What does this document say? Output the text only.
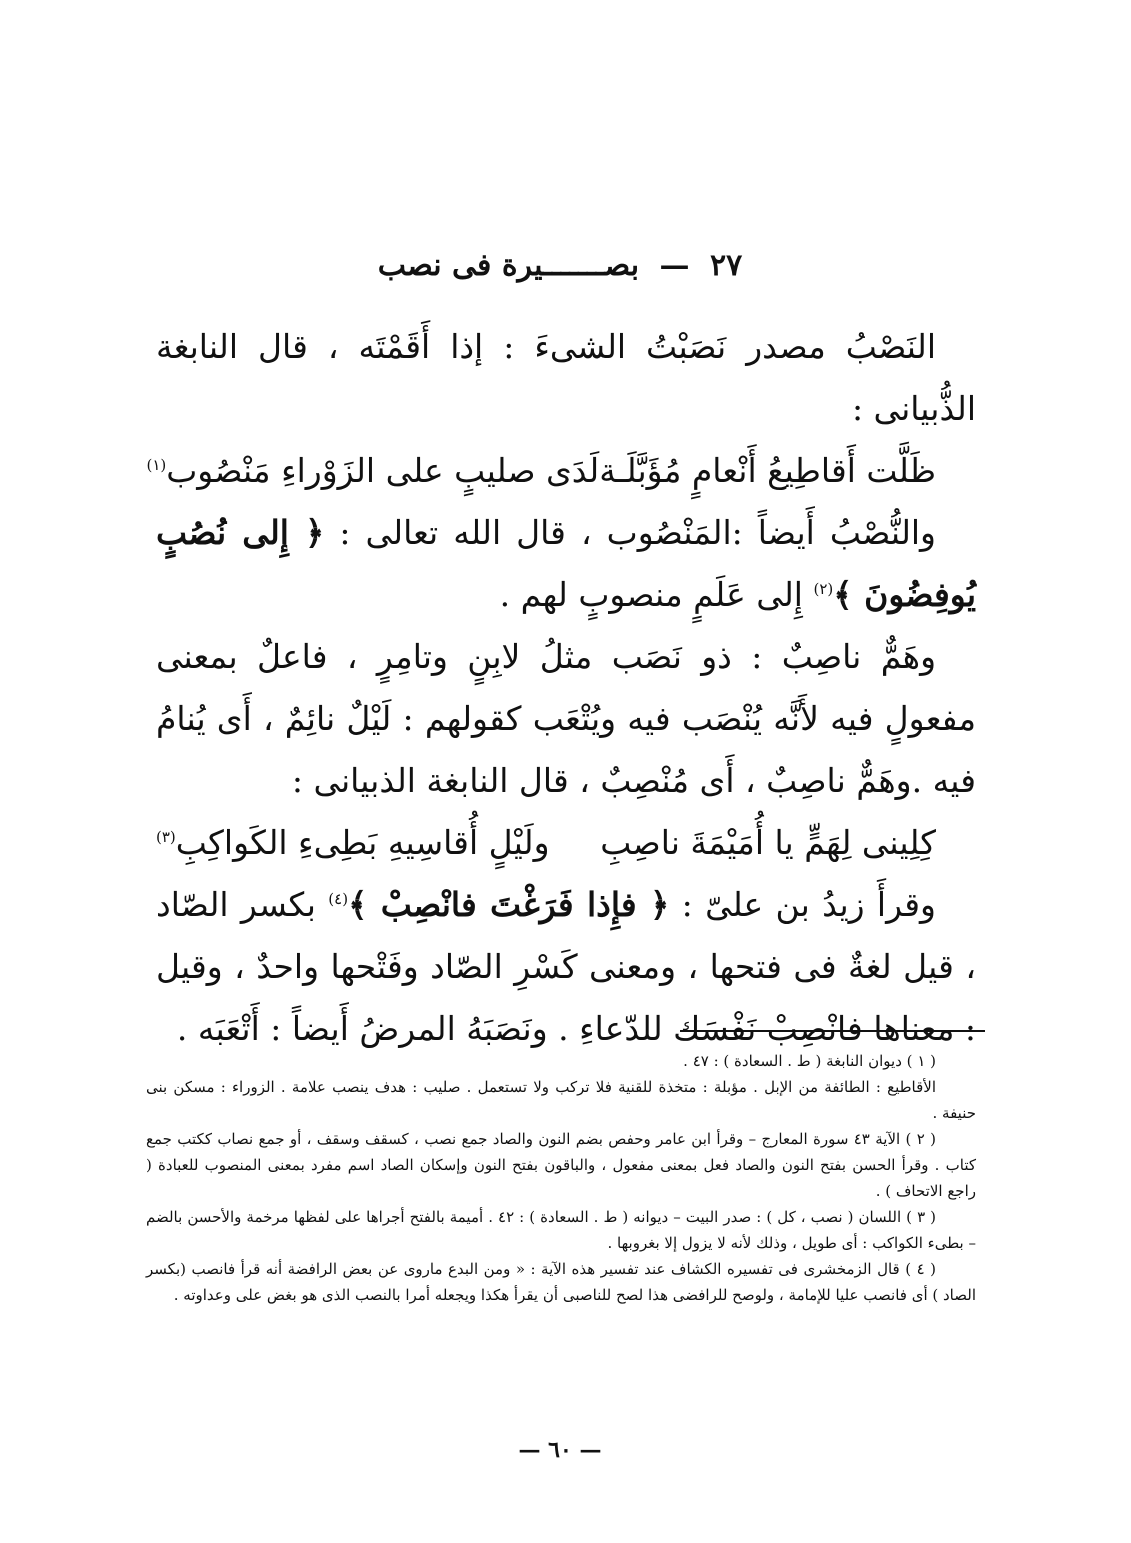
٢٧ — بصـــــــيرة فى نصب

النَصْبُ مصدر نَصَبْتُ الشىءَ : إذا أَقَمْتَه ، قال النابغة الذُّبيانى :

ظَلَّت أَقاطِيعُ أَنْعامٍ مُؤَبَّلَـة
لَدَى صليبٍ على الزَوْراءِ مَنْصُوب$^{(١)}$

والنُّصْبُ أَيضاً :المَنْصُوب ، قال الله تعالى : ﴿ إِلى نُصُبٍ يُوفِضُونَ ﴾$^{(٢)}$ إِلى عَلَمٍ منصوبٍ لهم .

وهَمٌّ ناصِبٌ : ذو نَصَب مثلُ لابِنٍ وتامِرٍ ، فاعلٌ بمعنى مفعولٍ فيه لأَنَّه يُنْصَب فيه ويُتْعَب كقولهم : لَيْلٌ نائِمٌ ، أَى يُنامُ فيه .وهَمٌّ ناصِبٌ ، أَى مُنْصِبٌ ، قال النابغة الذبيانى :

كِلِينى لِهَمٍّ يا أُمَيْمَةَ ناصِبِ
ولَيْلٍ أُقاسِيهِ بَطِىءِ الكَواكِبِ$^{(٣)}$

وقرأَ زيدُ بن علىّ : ﴿ فإِذا فَرَغْتَ فانْصِبْ ﴾$^{(٤)}$ بكسر الصّاد ، قيل لغةٌ فى فتحها ، ومعنى كَسْرِ الصّاد وفَتْحها واحدٌ ، وقيل : معناها فانْصِبْ نَفْسَك للدّعاءِ . ونَصَبَهُ المرضُ أَيضاً : أَتْعَبَه .

( ١ ) ديوان النابغة ( ط . السعادة ) : ٤٧ .

الأقاطيع : الطائفة من الإبل . مؤبلة : متخذة للقنية فلا تركب ولا تستعمل . صليب : هدف ينصب علامة . الزوراء : مسكن بنى حنيفة .

( ٢ ) الآية ٤٣ سورة المعارج – وقرأ ابن عامر وحفص بضم النون والصاد جمع نصب ، كسقف وسقف ، أو جمع نصاب ككتب جمع كتاب . وقرأ الحسن بفتح النون والصاد فعل بمعنى مفعول ، والباقون بفتح النون وإسكان الصاد اسم مفرد بمعنى المنصوب للعبادة ( راجع الاتحاف ) .

( ٣ ) اللسان ( نصب ، كل ) : صدر البيت – ديوانه ( ط . السعادة ) : ٤٢ . أميمة بالفتح أجراها على لفظها مرخمة والأحسن بالضم – بطىء الكواكب : أى طويل ، وذلك لأنه لا يزول إلا بغروبها .

( ٤ ) قال الزمخشرى فى تفسيره الكشاف عند تفسير هذه الآية : « ومن البدع ماروى عن بعض الرافضة أنه قرأ فانصب (بكسر الصاد ) أى فانصب عليا للإمامة ، ولوصح للرافضى هذا لصح للناصبى أن يقرأ هكذا ويجعله أمرا بالنصب الذى هو بغض على وعداوته .

— ٦٠ —
